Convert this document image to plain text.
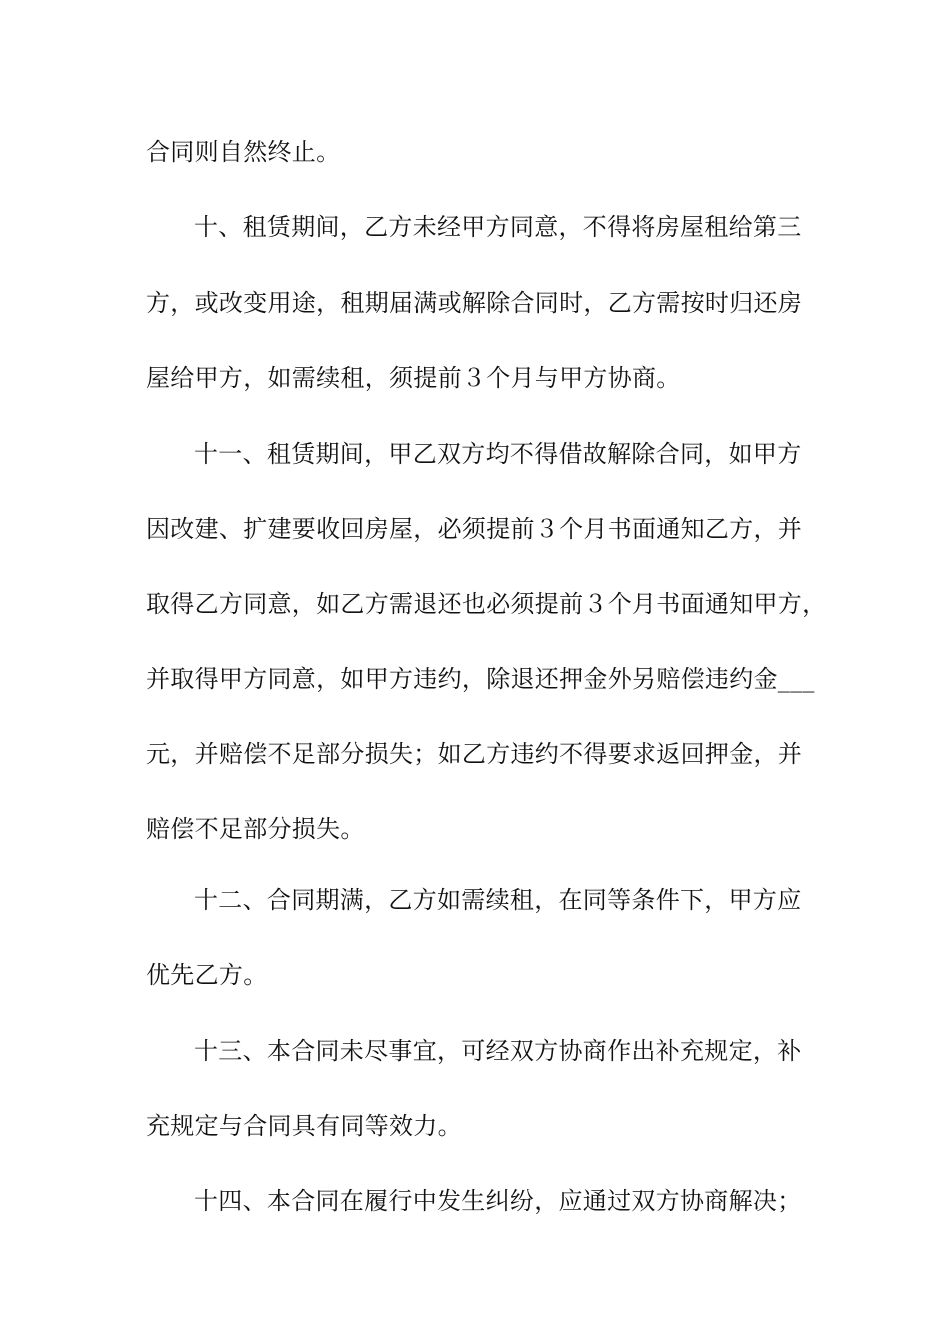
合同则自然终止。
十、租赁期间，乙方未经甲方同意，不得将房屋租给第三
方，或改变用途，租期届满或解除合同时，乙方需按时归还房
屋给甲方，如需续租，须提前３个月与甲方协商。
十一、租赁期间，甲乙双方均不得借故解除合同，如甲方
因改建、扩建要收回房屋，必须提前３个月书面通知乙方，并
取得乙方同意，如乙方需退还也必须提前３个月书面通知甲方，
并取得甲方同意，如甲方违约，除退还押金外另赔偿违约金___
元，并赔偿不足部分损失；如乙方违约不得要求返回押金，并
赔偿不足部分损失。
十二、合同期满，乙方如需续租，在同等条件下，甲方应
优先乙方。
十三、本合同未尽事宜，可经双方协商作出补充规定，补
充规定与合同具有同等效力。
十四、本合同在履行中发生纠纷，应通过双方协商解决；
